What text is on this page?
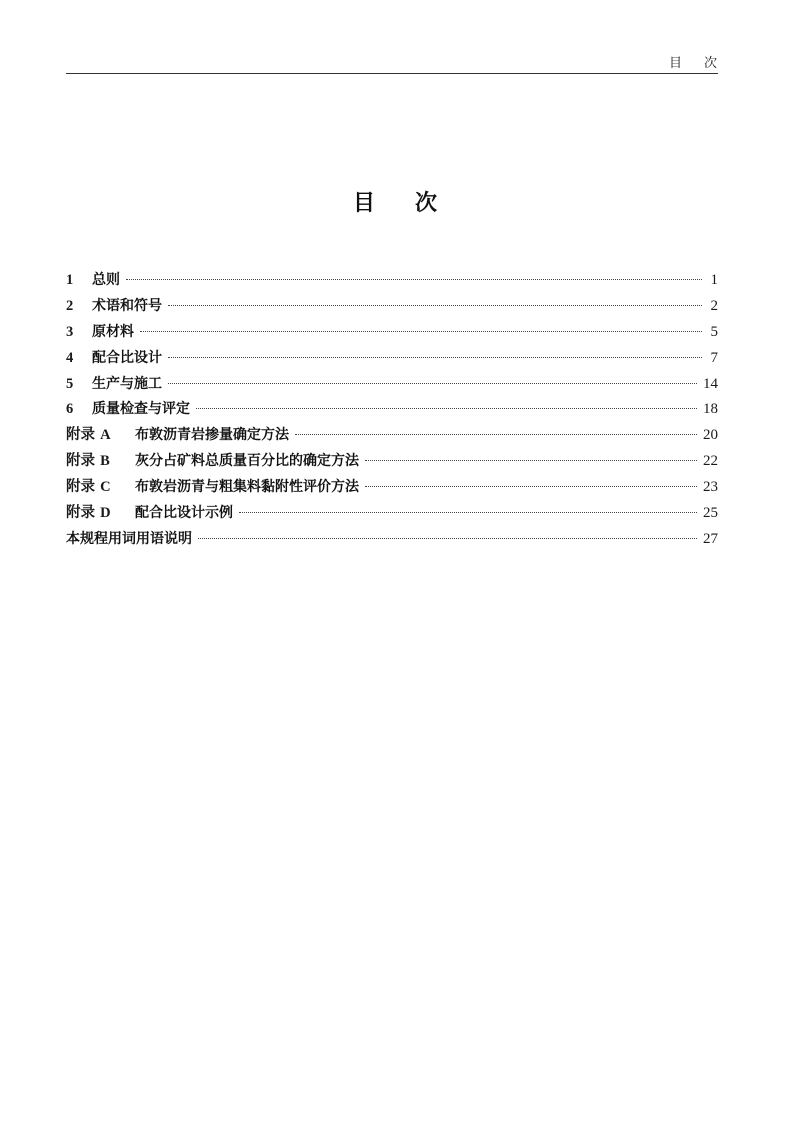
目 次
目 次
1	总则	1
2	术语和符号	2
3	原材料	5
4	配合比设计	7
5	生产与施工	14
6	质量检查与评定	18
附录 A	布敦沥青岩掺量确定方法	20
附录 B	灰分占矿料总质量百分比的确定方法	22
附录 C	布敦岩沥青与粗集料黏附性评价方法	23
附录 D	配合比设计示例	25
本规程用词用语说明	27
